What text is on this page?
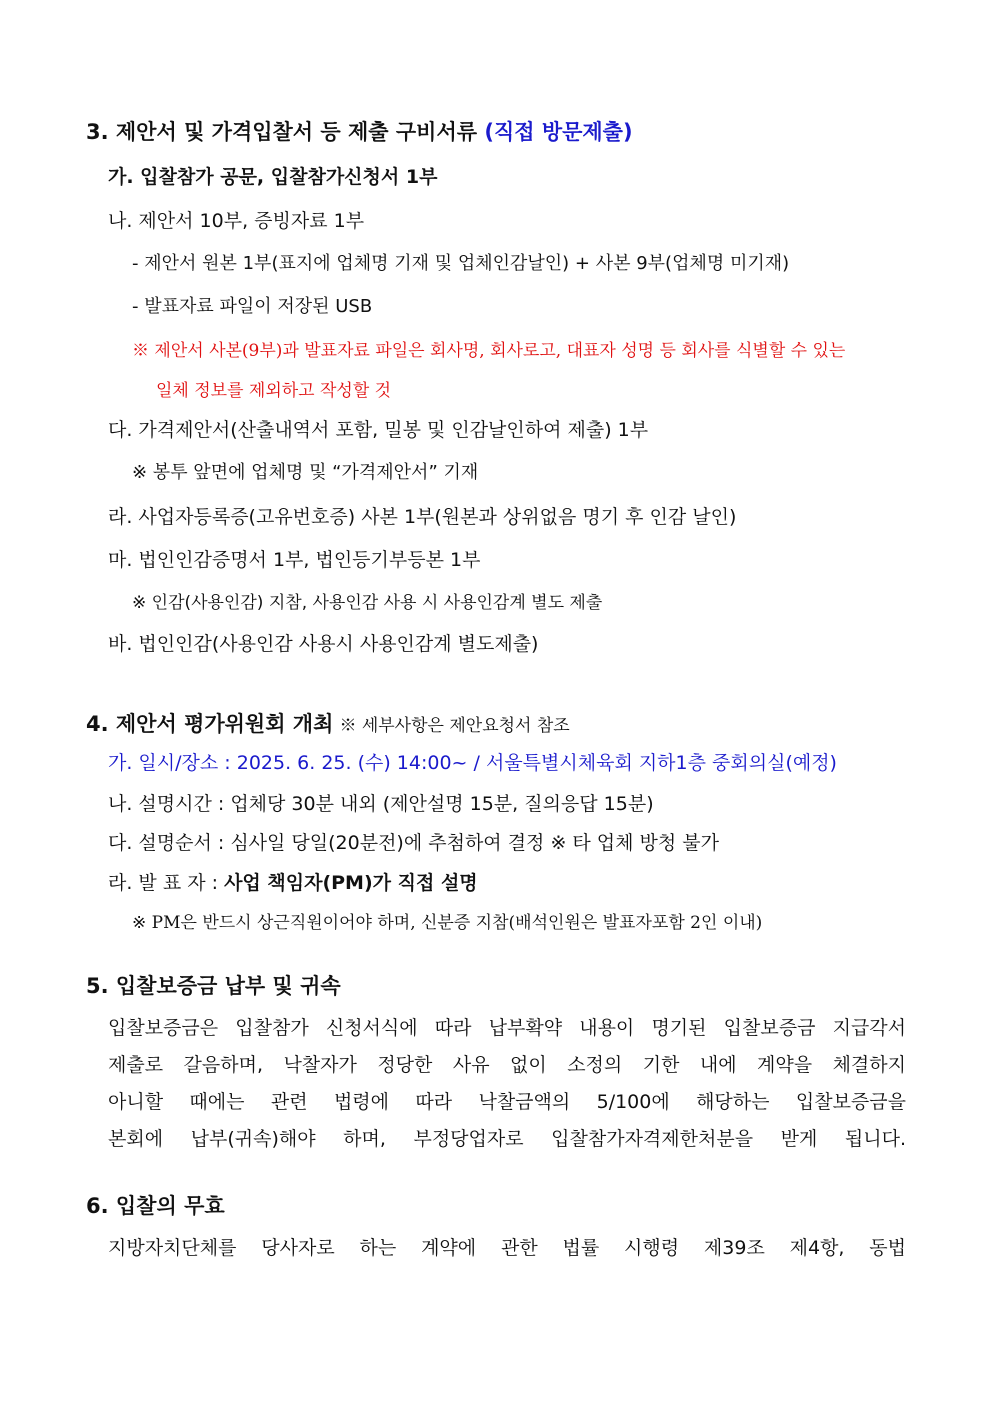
3. 제안서 및 가격입찰서 등 제출 구비서류 (직접 방문제출)
가. 입찰참가 공문, 입찰참가신청서 1부
나. 제안서 10부, 증빙자료 1부
- 제안서 원본 1부(표지에 업체명 기재 및 업체인감날인) + 사본 9부(업체명 미기재)
- 발표자료 파일이 저장된 USB
※ 제안서 사본(9부)과 발표자료 파일은 회사명, 회사로고, 대표자 성명 등 회사를 식별할 수 있는
일체 정보를 제외하고 작성할 것
다. 가격제안서(산출내역서 포함, 밀봉 및 인감날인하여 제출) 1부
※ 봉투 앞면에 업체명 및 “가격제안서” 기재
라. 사업자등록증(고유번호증) 사본 1부(원본과 상위없음 명기 후 인감 날인)
마. 법인인감증명서 1부, 법인등기부등본 1부
※ 인감(사용인감) 지참, 사용인감 사용 시 사용인감계 별도 제출
바. 법인인감(사용인감 사용시 사용인감계 별도제출)
4. 제안서 평가위원회 개최 ※ 세부사항은 제안요청서 참조
가. 일시/장소 : 2025. 6. 25. (수) 14:00~ / 서울특별시체육회 지하1층 중회의실(예정)
나. 설명시간 : 업체당 30분 내외 (제안설명 15분, 질의응답 15분)
다. 설명순서 : 심사일 당일(20분전)에 추첨하여 결정 ※ 타 업체 방청 불가
라. 발 표 자 : 사업 책임자(PM)가 직접 설명
※ PM은 반드시 상근직원이어야 하며, 신분증 지참(배석인원은 발표자포함 2인 이내)
5. 입찰보증금 납부 및 귀속
입찰보증금은 입찰참가 신청서식에 따라 납부확약 내용이 명기된 입찰보증금 지급각서
제출로 갈음하며, 낙찰자가 정당한 사유 없이 소정의 기한 내에 계약을 체결하지
아니할 때에는 관련 법령에 따라 낙찰금액의 5/100에 해당하는 입찰보증금을
본회에 납부(귀속)해야 하며, 부정당업자로 입찰참가자격제한처분을 받게 됩니다.
6. 입찰의 무효
지방자치단체를 당사자로 하는 계약에 관한 법률 시행령 제39조 제4항, 동법
